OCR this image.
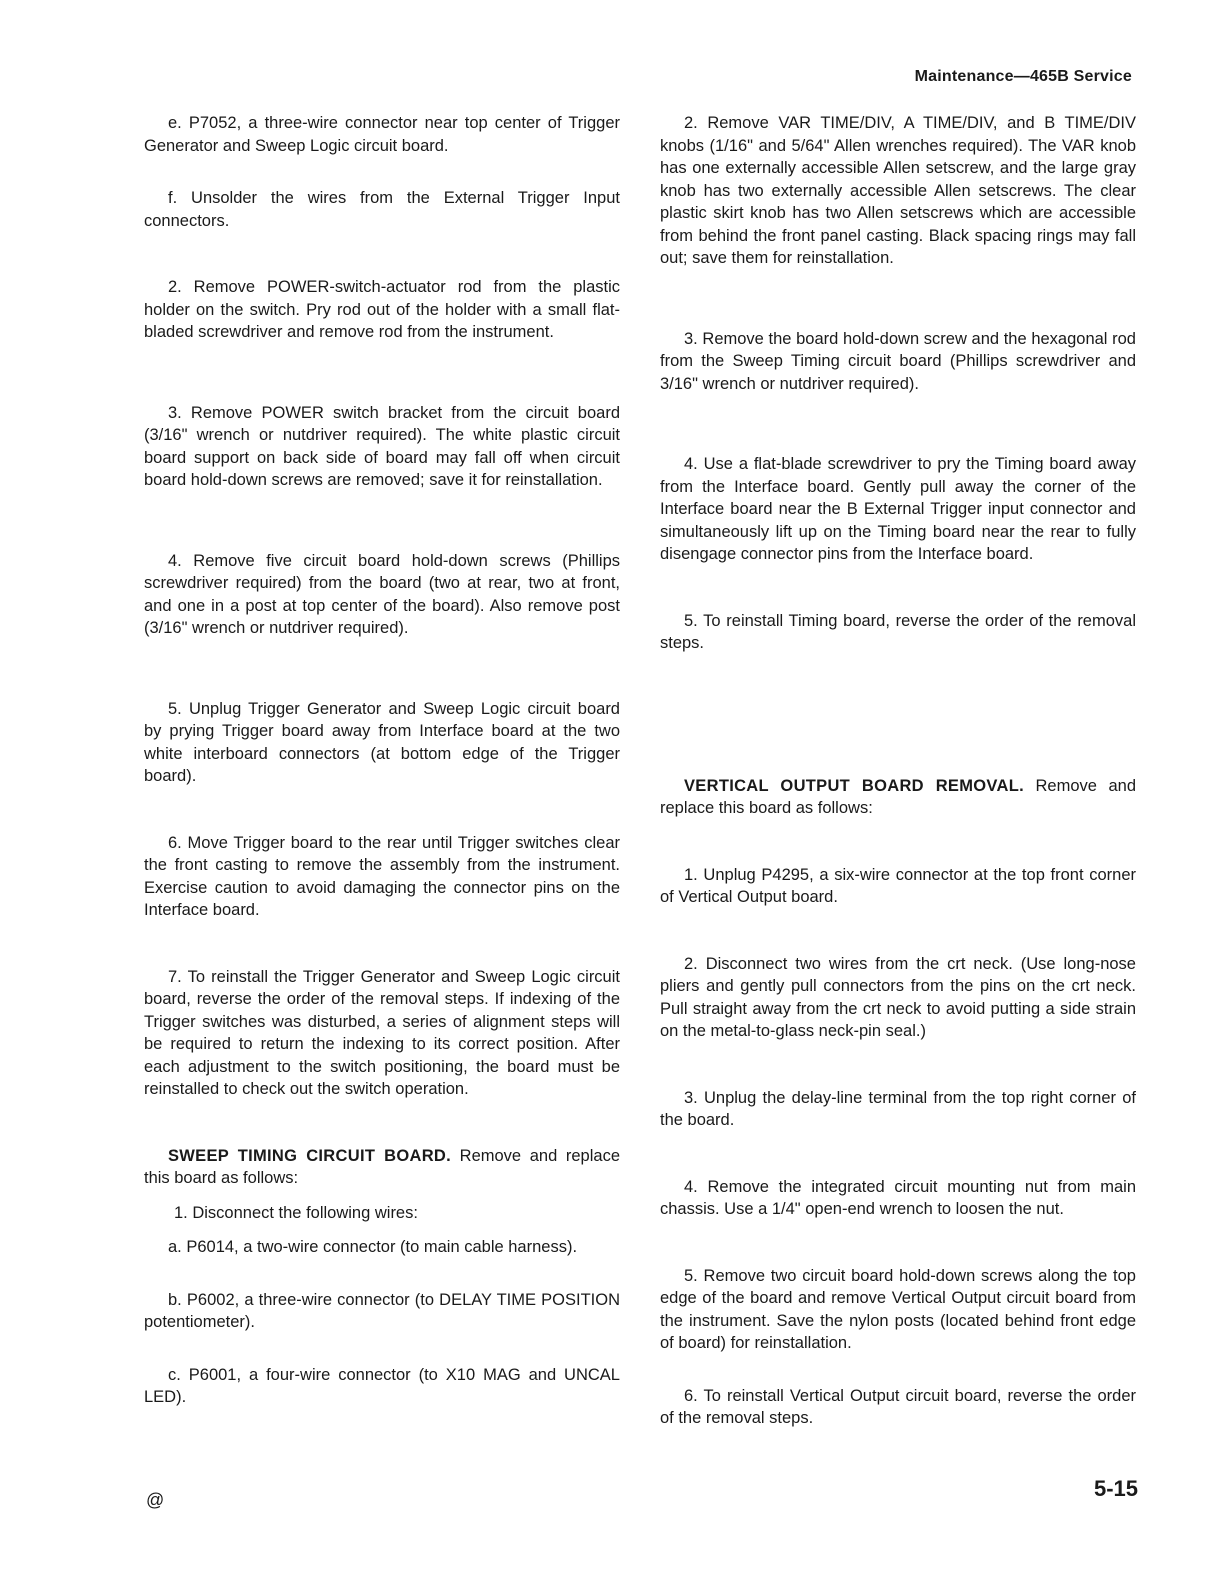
Maintenance—465B Service

e. P7052, a three-wire connector near top center of Trigger Generator and Sweep Logic circuit board.

f. Unsolder the wires from the External Trigger Input connectors.

2. Remove POWER-switch-actuator rod from the plastic holder on the switch. Pry rod out of the holder with a small flat-bladed screwdriver and remove rod from the instrument.

3. Remove POWER switch bracket from the circuit board (3/16" wrench or nutdriver required). The white plastic circuit board support on back side of board may fall off when circuit board hold-down screws are removed; save it for reinstallation.

4. Remove five circuit board hold-down screws (Phillips screwdriver required) from the board (two at rear, two at front, and one in a post at top center of the board). Also remove post (3/16" wrench or nutdriver required).

5. Unplug Trigger Generator and Sweep Logic circuit board by prying Trigger board away from Interface board at the two white interboard connectors (at bottom edge of the Trigger board).

6. Move Trigger board to the rear until Trigger switches clear the front casting to remove the assembly from the instrument. Exercise caution to avoid damaging the connector pins on the Interface board.

7. To reinstall the Trigger Generator and Sweep Logic circuit board, reverse the order of the removal steps. If indexing of the Trigger switches was disturbed, a series of alignment steps will be required to return the indexing to its correct position. After each adjustment to the switch positioning, the board must be reinstalled to check out the switch operation.

SWEEP TIMING CIRCUIT BOARD. Remove and replace this board as follows:

1. Disconnect the following wires:

a. P6014, a two-wire connector (to main cable harness).

b. P6002, a three-wire connector (to DELAY TIME POSITION potentiometer).

c. P6001, a four-wire connector (to X10 MAG and UNCAL LED).

2. Remove VAR TIME/DIV, A TIME/DIV, and B TIME/DIV knobs (1/16" and 5/64" Allen wrenches required). The VAR knob has one externally accessible Allen setscrew, and the large gray knob has two externally accessible Allen setscrews. The clear plastic skirt knob has two Allen setscrews which are accessible from behind the front panel casting. Black spacing rings may fall out; save them for reinstallation.

3. Remove the board hold-down screw and the hexagonal rod from the Sweep Timing circuit board (Phillips screwdriver and 3/16" wrench or nutdriver required).

4. Use a flat-blade screwdriver to pry the Timing board away from the Interface board. Gently pull away the corner of the Interface board near the B External Trigger input connector and simultaneously lift up on the Timing board near the rear to fully disengage connector pins from the Interface board.

5. To reinstall Timing board, reverse the order of the removal steps.

VERTICAL OUTPUT BOARD REMOVAL. Remove and replace this board as follows:

1. Unplug P4295, a six-wire connector at the top front corner of Vertical Output board.

2. Disconnect two wires from the crt neck. (Use long-nose pliers and gently pull connectors from the pins on the crt neck. Pull straight away from the crt neck to avoid putting a side strain on the metal-to-glass neck-pin seal.)

3. Unplug the delay-line terminal from the top right corner of the board.

4. Remove the integrated circuit mounting nut from main chassis. Use a 1/4" open-end wrench to loosen the nut.

5. Remove two circuit board hold-down screws along the top edge of the board and remove Vertical Output circuit board from the instrument. Save the nylon posts (located behind front edge of board) for reinstallation.

6. To reinstall Vertical Output circuit board, reverse the order of the removal steps.

@	5-15
